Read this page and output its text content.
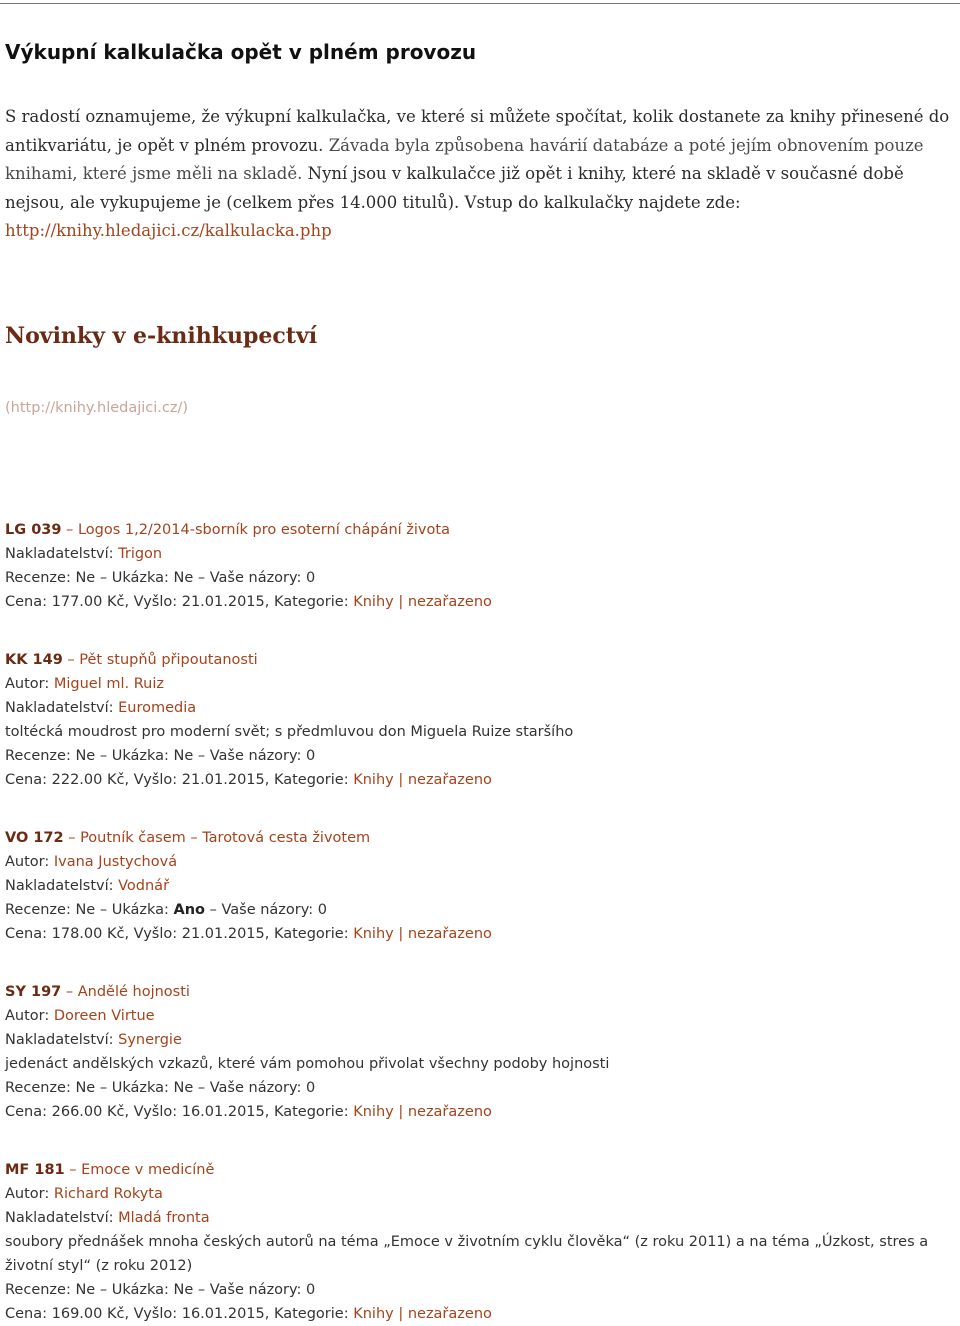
Výkupní kalkulačka opět v plném provozu

S radostí oznamujeme, že výkupní kalkulačka, ve které si můžete spočítat, kolik dostanete za knihy přinesené do antikvariátu, je opět v plném provozu. Závada byla způsobena havárií databáze a poté jejím obnovením pouze knihami, které jsme měli na skladě. Nyní jsou v kalkulačce již opět i knihy, které na skladě v současné době nejsou, ale vykupujeme je (celkem přes 14.000 titulů). Vstup do kalkulačky najdete zde: http://knihy.hledajici.cz/kalkulacka.php

Novinky v e-knihkupectví
(http://knihy.hledajici.cz/)
LG 039 – Logos 1,2/2014-sborník pro esoterní chápání života
Nakladatelství: Trigon
Recenze: Ne – Ukázka: Ne – Vaše názory: 0
Cena: 177.00 Kč, Vyšlo: 21.01.2015, Kategorie: Knihy | nezařazeno
KK 149 – Pět stupňů připoutanosti
Autor: Miguel ml. Ruiz
Nakladatelství: Euromedia
toltécká moudrost pro moderní svět; s předmluvou don Miguela Ruize staršího
Recenze: Ne – Ukázka: Ne – Vaše názory: 0
Cena: 222.00 Kč, Vyšlo: 21.01.2015, Kategorie: Knihy | nezařazeno
VO 172 – Poutník časem – Tarotová cesta životem
Autor: Ivana Justychová
Nakladatelství: Vodnář
Recenze: Ne – Ukázka: Ano – Vaše názory: 0
Cena: 178.00 Kč, Vyšlo: 21.01.2015, Kategorie: Knihy | nezařazeno
SY 197 – Andělé hojnosti
Autor: Doreen Virtue
Nakladatelství: Synergie
jedenáct andělských vzkazů, které vám pomohou přivolat všechny podoby hojnosti
Recenze: Ne – Ukázka: Ne – Vaše názory: 0
Cena: 266.00 Kč, Vyšlo: 16.01.2015, Kategorie: Knihy | nezařazeno
MF 181 – Emoce v medicíně
Autor: Richard Rokyta
Nakladatelství: Mladá fronta
soubory přednášek mnoha českých autorů na téma „Emoce v životním cyklu člověka“ (z roku 2011) a na téma „Úzkost, stres a životní styl“ (z roku 2012)
Recenze: Ne – Ukázka: Ne – Vaše názory: 0
Cena: 169.00 Kč, Vyšlo: 16.01.2015, Kategorie: Knihy | nezařazeno
